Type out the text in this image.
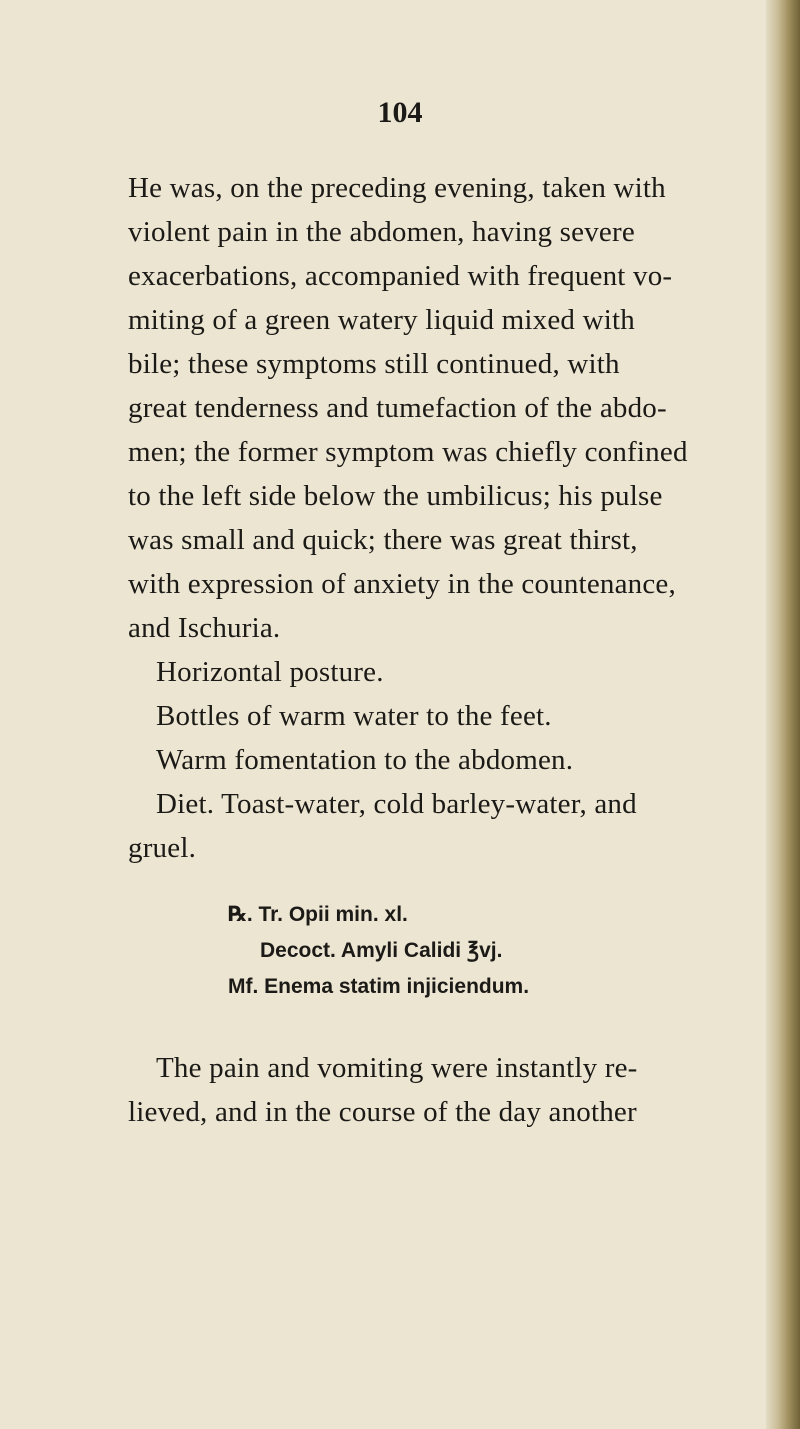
104
He was, on the preceding evening, taken with
violent pain in the abdomen, having severe
exacerbations, accompanied with frequent vo-
miting of a green watery liquid mixed with
bile; these symptoms still continued, with
great tenderness and tumefaction of the abdo-
men; the former symptom was chiefly confined
to the left side below the umbilicus; his pulse
was small and quick; there was great thirst,
with expression of anxiety in the countenance,
and Ischuria.
Horizontal posture.
Bottles of warm water to the feet.
Warm fomentation to the abdomen.
Diet. Toast-water, cold barley-water, and
gruel.
℞. Tr. Opii min. xl.
Decoct. Amyli Calidi ℥vj.
Mf. Enema statim injiciendum.
The pain and vomiting were instantly re-
lieved, and in the course of the day another
